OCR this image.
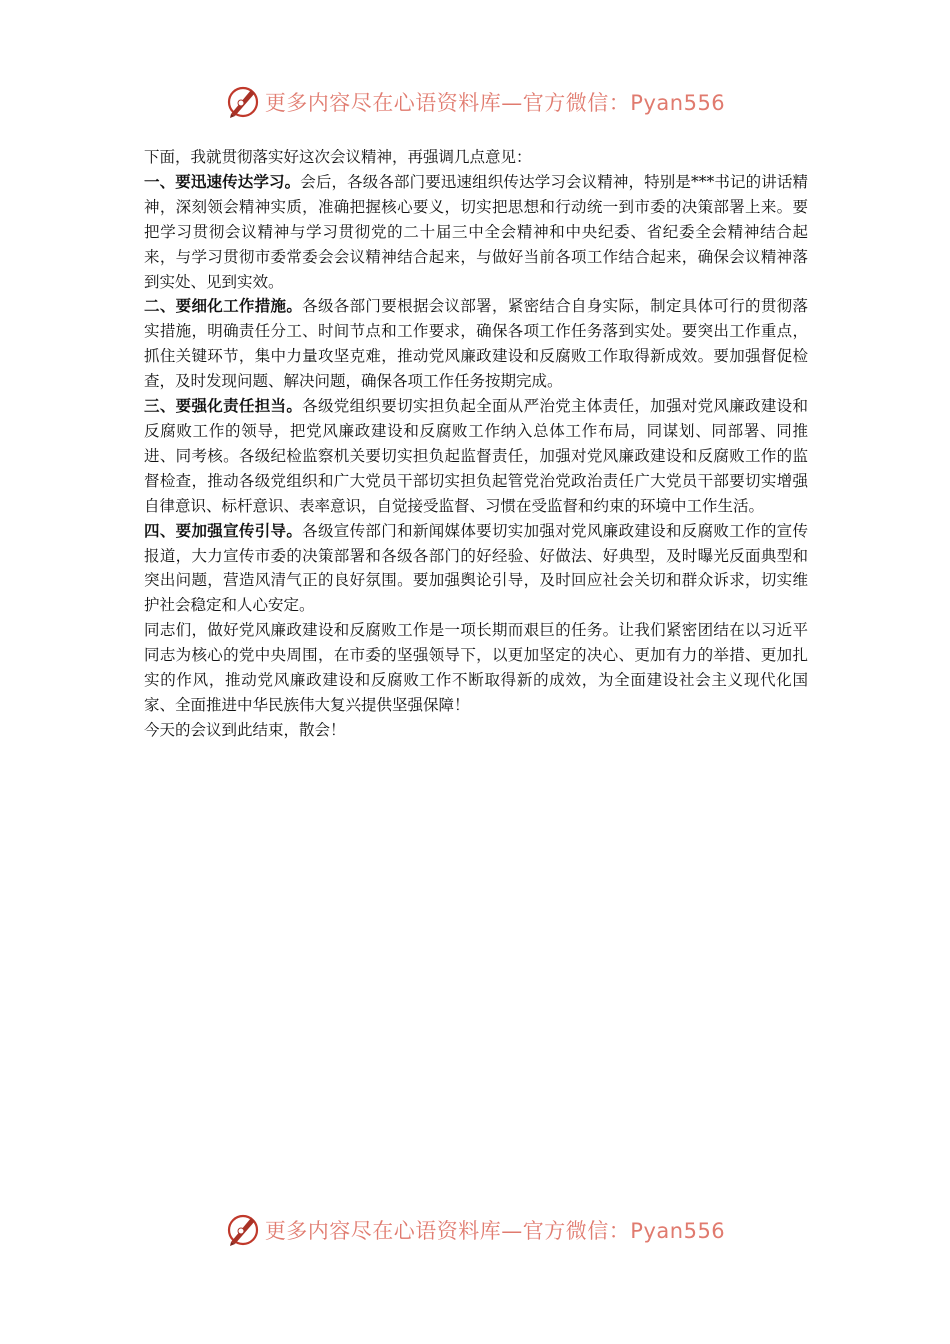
更多内容尽在心语资料库—官方微信：Pyan556

下面，我就贯彻落实好这次会议精神，再强调几点意见：

一、要迅速传达学习。会后，各级各部门要迅速组织传达学习会议精神，特别是***书记的讲话精神，深刻领会精神实质，准确把握核心要义，切实把思想和行动统一到市委的决策部署上来。要把学习贯彻会议精神与学习贯彻党的二十届三中全会精神和中央纪委、省纪委全会精神结合起来，与学习贯彻市委常委会会议精神结合起来，与做好当前各项工作结合起来，确保会议精神落到实处、见到实效。

二、要细化工作措施。各级各部门要根据会议部署，紧密结合自身实际，制定具体可行的贯彻落实措施，明确责任分工、时间节点和工作要求，确保各项工作任务落到实处。要突出工作重点，抓住关键环节，集中力量攻坚克难，推动党风廉政建设和反腐败工作取得新成效。要加强督促检查，及时发现问题、解决问题，确保各项工作任务按期完成。

三、要强化责任担当。各级党组织要切实担负起全面从严治党主体责任，加强对党风廉政建设和反腐败工作的领导，把党风廉政建设和反腐败工作纳入总体工作布局，同谋划、同部署、同推进、同考核。各级纪检监察机关要切实担负起监督责任，加强对党风廉政建设和反腐败工作的监督检查，推动各级党组织和广大党员干部切实担负起管党治党政治责任广大党员干部要切实增强自律意识、标杆意识、表率意识，自觉接受监督、习惯在受监督和约束的环境中工作生活。

四、要加强宣传引导。各级宣传部门和新闻媒体要切实加强对党风廉政建设和反腐败工作的宣传报道，大力宣传市委的决策部署和各级各部门的好经验、好做法、好典型，及时曝光反面典型和突出问题，营造风清气正的良好氛围。要加强舆论引导，及时回应社会关切和群众诉求，切实维护社会稳定和人心安定。

同志们，做好党风廉政建设和反腐败工作是一项长期而艰巨的任务。让我们紧密团结在以习近平同志为核心的党中央周围，在市委的坚强领导下，以更加坚定的决心、更加有力的举措、更加扎实的作风，推动党风廉政建设和反腐败工作不断取得新的成效，为全面建设社会主义现代化国家、全面推进中华民族伟大复兴提供坚强保障！

今天的会议到此结束，散会！

更多内容尽在心语资料库—官方微信：Pyan556
